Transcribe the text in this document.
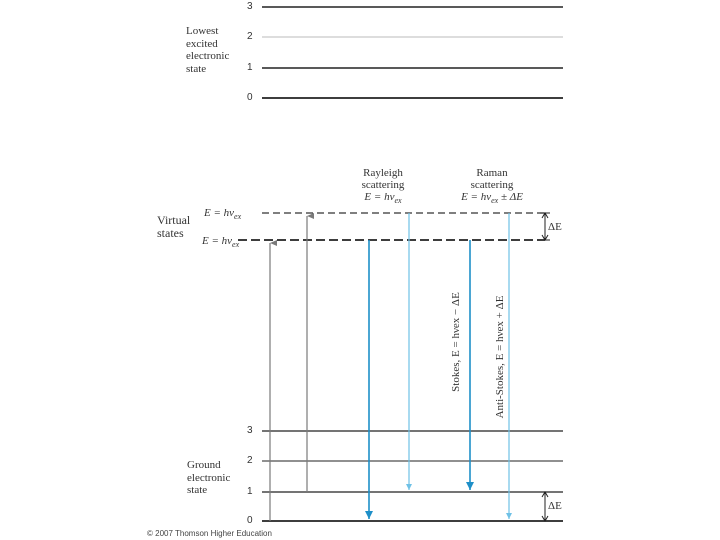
Lowest
excited
electronic
state
3
2
1
0
Virtual
states
$E = h\nu_{ex}$
$E = h\nu_{ex}$
Rayleigh
scattering
$E = h\nu_{ex}$
Raman
scattering
$E = h\nu_{ex} \pm \Delta E$
Stokes, E = hνex − ΔE	Anti-Stokes, E = hνex + ΔE
ΔE
ΔE
Ground
electronic
state
3
2
1
0
© 2007 Thomson Higher Education
